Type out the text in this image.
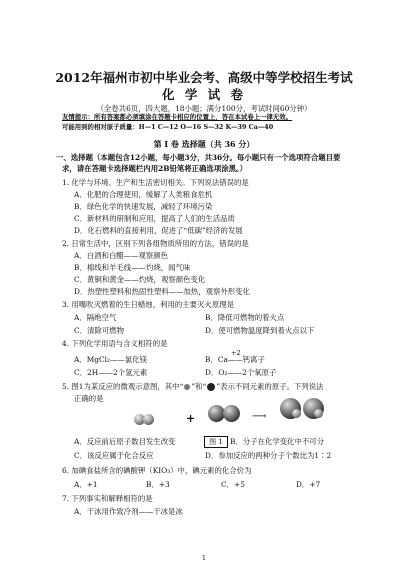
2012年福州市初中毕业会考、高级中等学校招生考试
化 学 试 卷
（全卷共6页，四大题，18小题；满分100分，考试时间60分钟）
友情提示：所有答案都必须填涂在答题卡相应的位置上，答在本试卷上一律无效。
可能用到的相对原子质量：H—1 C—12 O—16 S—32 K—39 Ca—40
第 Ⅰ 卷 选择题（共 36 分）
一、选择题（本题包含12小题，每小题3分，共36分。每小题只有一个选项符合题目要
求，请在答题卡选择题栏内用2B铅笔将正确选项涂黑。）
1. 化学与环境、生产和生活密切相关。下列说法错误的是
A．化肥的合理使用，缓解了人类粮食危机
B．绿色化学的快速发展，减轻了环境污染
C．新材料的研制和应用，提高了人们的生活品质
D．化石燃料的直接利用，促进了“低碳”经济的发展
2. 日常生活中，区别下列各组物质所用的方法，错误的是
A．白酒和白醋——观察颜色
B．棉线和羊毛线——灼烧，闻气味
C．黄铜和黄金——灼烧，观察颜色变化
D．热塑性塑料和热固性塑料——加热，观察外形变化
3. 用嘴吹灭燃着的生日蜡烛，利用的主要灭火原理是
A．隔绝空气	B．降低可燃物的着火点
C．清除可燃物	D．使可燃物温度降到着火点以下
4. 下列化学用语与含义相符的是
+2
A．MgCl₂——氯化镁	B．Ca——钙离子
C．2H——2个氢元素	D．O₂——2个氧原子
5. 图1为某反应的微观示意图，其中“ ”和“ ”表示不同元素的原子。下列说法
正确的是
+	⟶
A．反应前后原子数目发生改变	图 1 B．分子在化学变化中不可分
C．该反应属于化合反应	D．参加反应的两种分子个数比为1∶2
6. 加碘食盐所含的碘酸钾（KIO₃）中，碘元素的化合价为
A．+1	B．+3	C．+5	D．+7
7. 下列事实和解释相符的是
A．干冰用作致冷剂——干冰是冰
1
